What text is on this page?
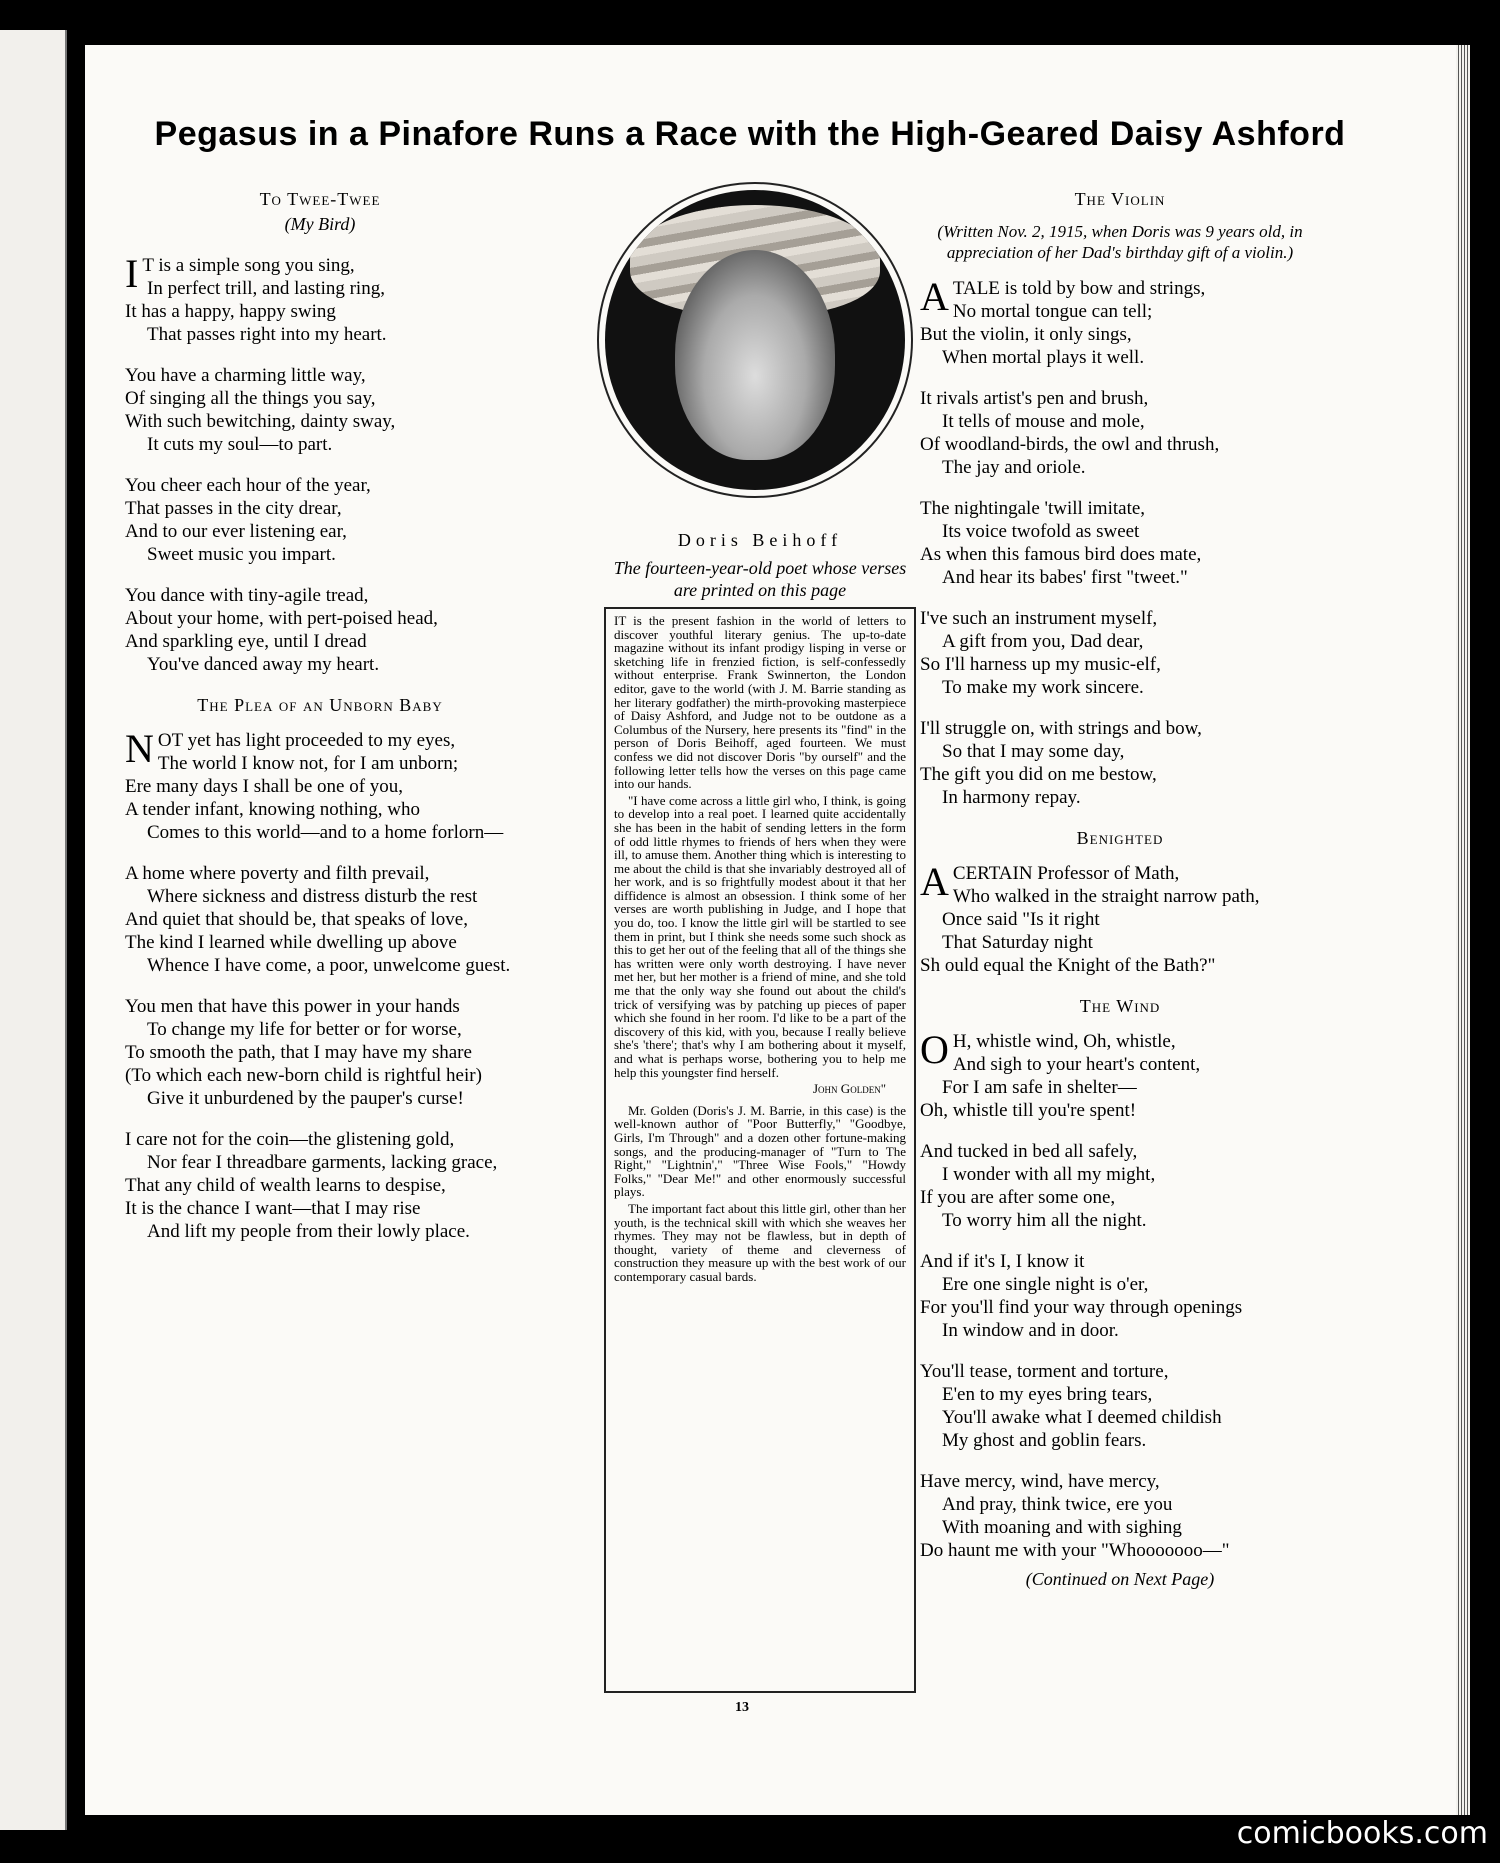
Pegasus in a Pinafore Runs a Race with the High-Geared Daisy Ashford
To Twee-Twee
(My Bird)
I T is a simple song you sing,
In perfect trill, and lasting ring,
It has a happy, happy swing
That passes right into my heart.
You have a charming little way,
Of singing all the things you say,
With such bewitching, dainty sway,
It cuts my soul—to part.
You cheer each hour of the year,
That passes in the city drear,
And to our ever listening ear,
Sweet music you impart.
You dance with tiny-agile tread,
About your home, with pert-poised head,
And sparkling eye, until I dread
You've danced away my heart.
The Plea of an Unborn Baby
NOT yet has light proceeded to my eyes,
The world I know not, for I am unborn;
Ere many days I shall be one of you,
A tender infant, knowing nothing, who
Comes to this world—and to a home forlorn—
A home where poverty and filth prevail,
Where sickness and distress disturb the rest
And quiet that should be, that speaks of love,
The kind I learned while dwelling up above
Whence I have come, a poor, unwelcome guest.
You men that have this power in your hands
To change my life for better or for worse,
To smooth the path, that I may have my share
(To which each new-born child is rightful heir)
Give it unburdened by the pauper's curse!
I care not for the coin—the glistening gold,
Nor fear I threadbare garments, lacking grace,
That any child of wealth learns to despise,
It is the chance I want—that I may rise
And lift my people from their lowly place.
Doris Beihoff
The fourteen-year-old poet whose verses are printed on this page

IT is the present fashion in the world of letters to discover youthful literary genius. The up-to-date magazine without its infant prodigy lisping in verse or sketching life in frenzied fiction, is self-confessedly without enterprise. Frank Swinnerton, the London editor, gave to the world (with J. M. Barrie standing as her literary godfather) the mirth-provoking masterpiece of Daisy Ashford, and Judge not to be outdone as a Columbus of the Nursery, here presents its "find" in the person of Doris Beihoff, aged fourteen. We must confess we did not discover Doris "by ourself" and the following letter tells how the verses on this page came into our hands.

"I have come across a little girl who, I think, is going to develop into a real poet. I learned quite accidentally she has been in the habit of sending letters in the form of odd little rhymes to friends of hers when they were ill, to amuse them. Another thing which is interesting to me about the child is that she invariably destroyed all of her work, and is so frightfully modest about it that her diffidence is almost an obsession. I think some of her verses are worth publishing in Judge, and I hope that you do, too. I know the little girl will be startled to see them in print, but I think she needs some such shock as this to get her out of the feeling that all of the things she has written were only worth destroying. I have never met her, but her mother is a friend of mine, and she told me that the only way she found out about the child's trick of versifying was by patching up pieces of paper which she found in her room. I'd like to be a part of the discovery of this kid, with you, because I really believe she's 'there'; that's why I am bothering about it myself, and what is perhaps worse, bothering you to help me help this youngster find herself.

John Golden"

Mr. Golden (Doris's J. M. Barrie, in this case) is the well-known author of "Poor Butterfly," "Goodbye, Girls, I'm Through" and a dozen other fortune-making songs, and the producing-manager of "Turn to The Right," "Lightnin'," "Three Wise Fools," "Howdy Folks," "Dear Me!" and other enormously successful plays.

The important fact about this little girl, other than her youth, is the technical skill with which she weaves her rhymes. They may not be flawless, but in depth of thought, variety of theme and cleverness of construction they measure up with the best work of our contemporary casual bards.

The Violin
(Written Nov. 2, 1915, when Doris was 9 years old, in appreciation of her Dad's birthday gift of a violin.)
ATALE is told by bow and strings,
No mortal tongue can tell;
But the violin, it only sings,
When mortal plays it well.
It rivals artist's pen and brush,
It tells of mouse and mole,
Of woodland-birds, the owl and thrush,
The jay and oriole.
The nightingale 'twill imitate,
Its voice twofold as sweet
As when this famous bird does mate,
And hear its babes' first "tweet."
I've such an instrument myself,
A gift from you, Dad dear,
So I'll harness up my music-elf,
To make my work sincere.
I'll struggle on, with strings and bow,
So that I may some day,
The gift you did on me bestow,
In harmony repay.
Benighted
ACERTAIN Professor of Math,
Who walked in the straight narrow path,
Once said "Is it right
That Saturday night
Sh ould equal the Knight of the Bath?"
The Wind
O H, whistle wind, Oh, whistle,
And sigh to your heart's content,
For I am safe in shelter—
Oh, whistle till you're spent!
And tucked in bed all safely,
I wonder with all my might,
If you are after some one,
To worry him all the night.
And if it's I, I know it
Ere one single night is o'er,
For you'll find your way through openings
In window and in door.
You'll tease, torment and torture,
E'en to my eyes bring tears,
You'll awake what I deemed childish
My ghost and goblin fears.
Have mercy, wind, have mercy,
And pray, think twice, ere you
With moaning and with sighing
Do haunt me with your "Whooooooo—"
(Continued on Next Page)
13
comicbooks.com
